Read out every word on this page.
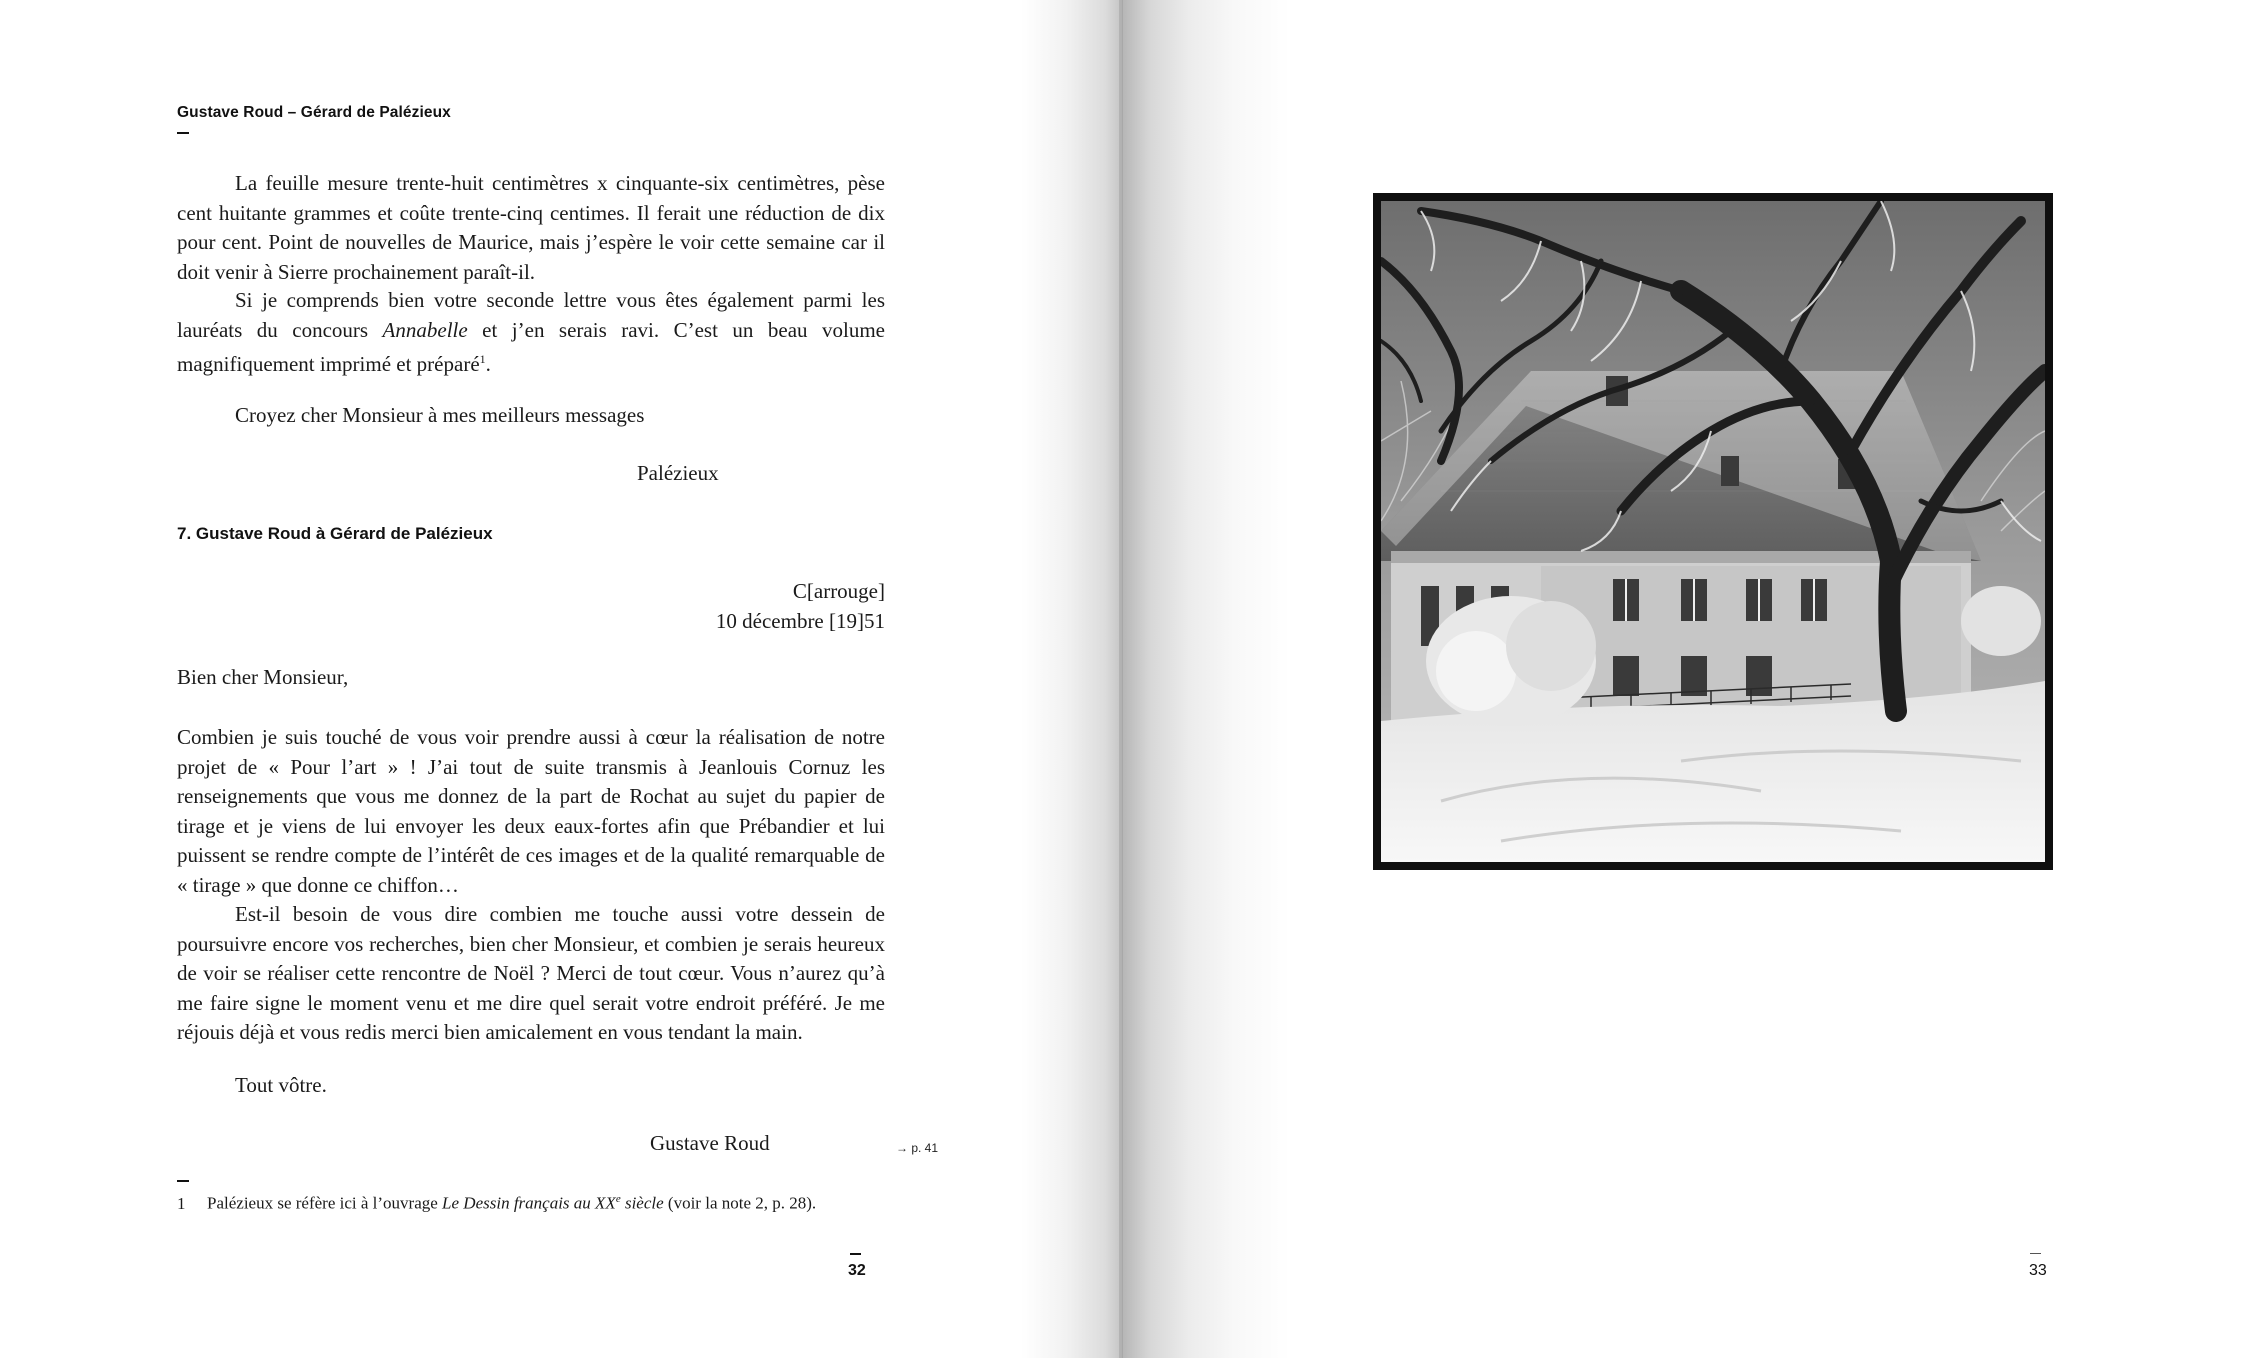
Gustave Roud – Gérard de Palézieux

La feuille mesure trente-huit centimètres x cinquante-six centimètres, pèse cent huitante grammes et coûte trente-cinq centimes. Il ferait une réduction de dix pour cent. Point de nouvelles de Maurice, mais j’espère le voir cette semaine car il doit venir à Sierre prochainement paraît-il.

Si je comprends bien votre seconde lettre vous êtes également parmi les lauréats du concours Annabelle et j’en serais ravi. C’est un beau volume magnifiquement imprimé et préparé$^1$.

Croyez cher Monsieur à mes meilleurs messages
Palézieux
7. Gustave Roud à Gérard de Palézieux
C[arrouge]
10 décembre [19]51
Bien cher Monsieur,

Combien je suis touché de vous voir prendre aussi à cœur la réalisation de notre projet de « Pour l’art » ! J’ai tout de suite transmis à Jeanlouis Cornuz les renseignements que vous me donnez de la part de Rochat au sujet du papier de tirage et je viens de lui envoyer les deux eaux-fortes afin que Prébandier et lui puissent se rendre compte de l’intérêt de ces images et de la qualité remarquable de « tirage » que donne ce chiffon…

Est-il besoin de vous dire combien me touche aussi votre dessein de poursuivre encore vos recherches, bien cher Monsieur, et combien je serais heureux de voir se réaliser cette rencontre de Noël ? Merci de tout cœur. Vous n’aurez qu’à me faire signe le moment venu et me dire quel serait votre endroit préféré. Je me réjouis déjà et vous redis merci bien amicalement en vous tendant la main.

Tout vôtre.
Gustave Roud	→ p. 41
1 Palézieux se réfère ici à l’ouvrage Le Dessin français au XXe siècle (voir la note 2, p. 28).
32	33
